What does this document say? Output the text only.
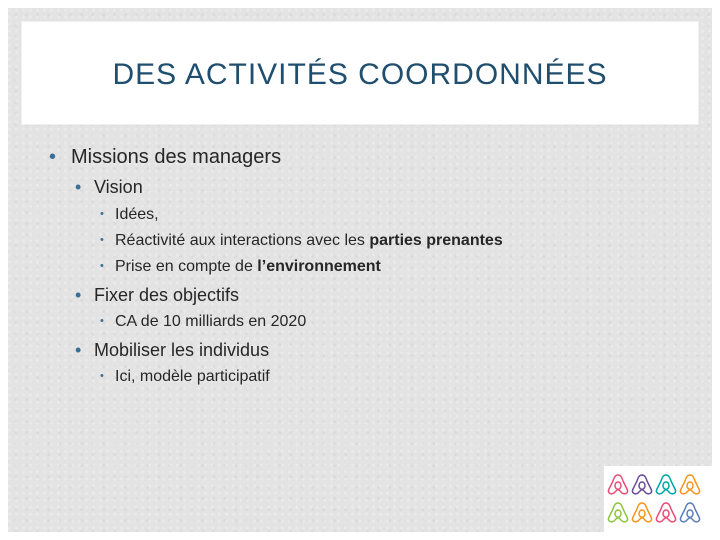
DES ACTIVITÉS COORDONNÉES
• Missions des managers
• Vision
• Idées,
• Réactivité aux interactions avec les parties prenantes
• Prise en compte de l’environnement
• Fixer des objectifs
• CA de 10 milliards en 2020
• Mobiliser les individus
• Ici, modèle participatif
